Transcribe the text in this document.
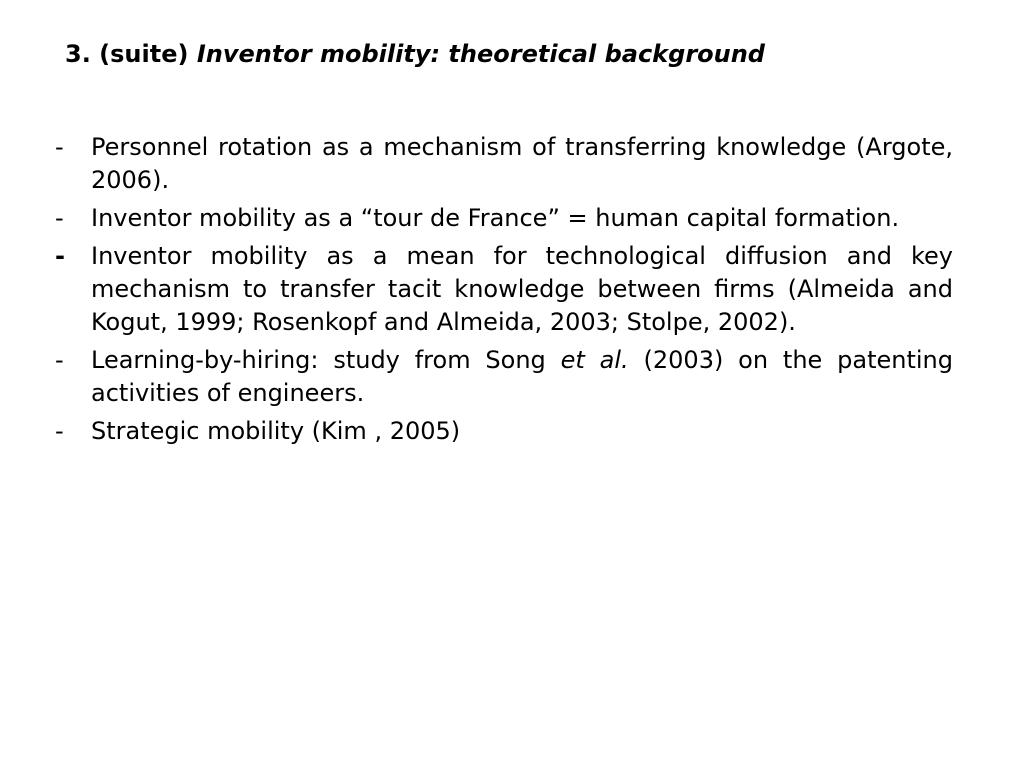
3. (suite) Inventor mobility: theoretical background
- Personnel rotation as a mechanism of transferring knowledge (Argote, 2006).
- Inventor mobility as a “tour de France” = human capital formation.
- Inventor mobility as a mean for technological diffusion and key mechanism to transfer tacit knowledge between firms (Almeida and Kogut, 1999; Rosenkopf and Almeida, 2003; Stolpe, 2002).
- Learning-by-hiring: study from Song et al. (2003) on the patenting activities of engineers.
- Strategic mobility (Kim , 2005)
